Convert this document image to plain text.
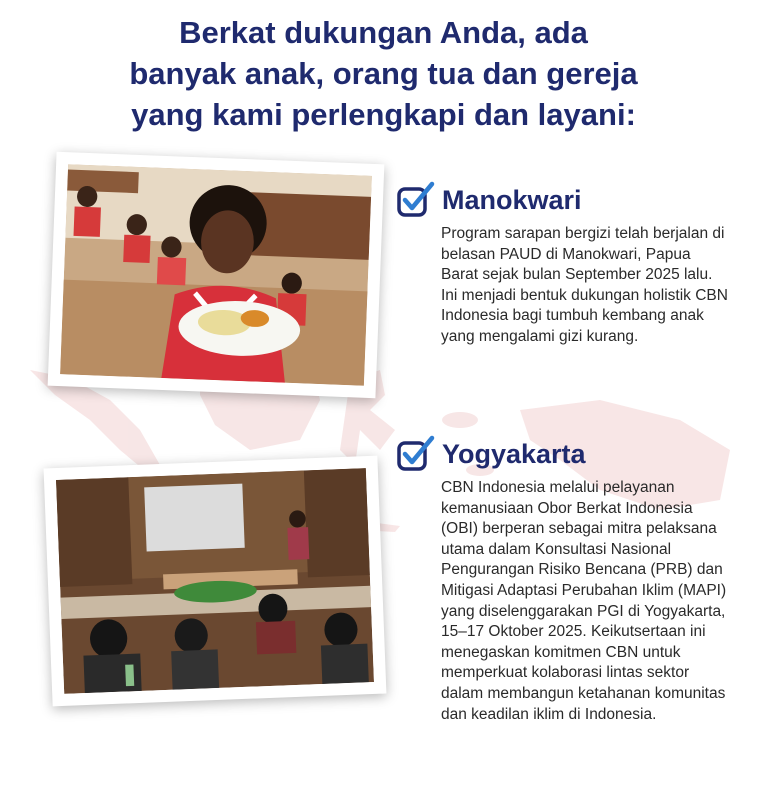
Berkat dukungan Anda, ada
banyak anak, orang tua dan gereja
yang kami perlengkapi dan layani:
Manokwari

Program sarapan bergizi telah berjalan di belasan PAUD di Manokwari, Papua Barat sejak bulan September 2025 lalu. Ini menjadi bentuk dukungan holistik CBN Indonesia bagi tumbuh kembang anak yang mengalami gizi kurang.

Yogyakarta

CBN Indonesia melalui pelayanan kemanusiaan Obor Berkat Indonesia (OBI) berperan sebagai mitra pelaksana utama dalam Konsultasi Nasional Pengurangan Risiko Bencana (PRB) dan Mitigasi Adaptasi Perubahan Iklim (MAPI) yang diselenggarakan PGI di Yogyakarta, 15–17 Oktober 2025. Keikutsertaan ini menegaskan komitmen CBN untuk memperkuat kolaborasi lintas sektor dalam membangun ketahanan komunitas dan keadilan iklim di Indonesia.
